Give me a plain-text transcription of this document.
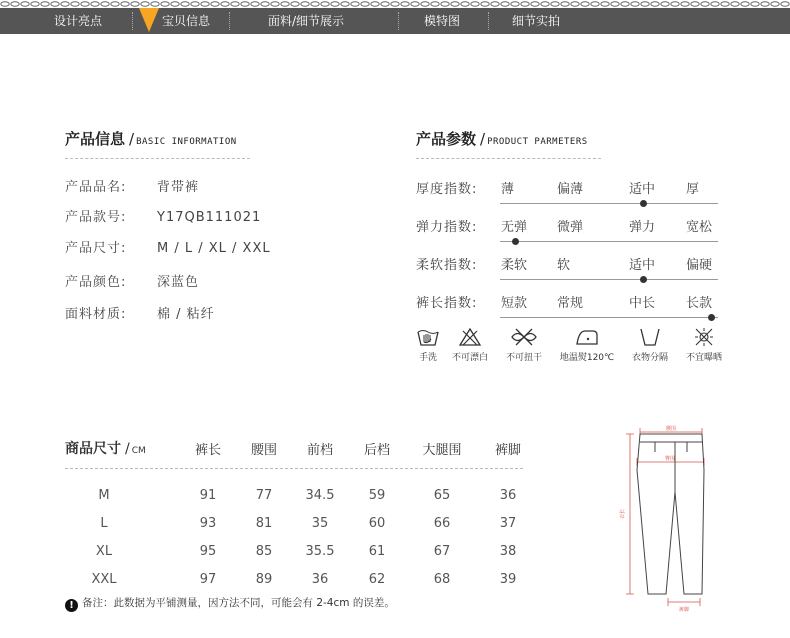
设计亮点	宝贝信息	面料/细节展示	模特图	细节实拍
产品信息 / BASIC INFORMATION
产品品名: 背带裤
产品款号: Y17QB111021
产品尺寸: M / L / XL / XXL
产品颜色: 深蓝色
面料材质: 棉 / 粘纤
产品参数 / PRODUCT PARMETERS
厚度指数: 薄	偏薄	适中 厚
弹力指数: 无弹 微弹	弹力 宽松
柔软指数: 柔软 软	适中 偏硬
裤长指数: 短款 常规	中长 长款
手洗	不可漂白	不可扭干	地温熨120℃	衣物分隔	不宜曝晒
商品尺寸 / CM	裤长	腰围	前档	后档	大腿围	裤脚
M	91	77	34.5	59	65	36
L	93	81	35	60	66	37
XL	95	85	35.5	61	67	38
XXL	97	89	36	62	68	39
! 备注：此数据为平铺测量，因方法不同，可能会有 2-4cm 的误差。
腰围
臀围
衣长
裤脚
